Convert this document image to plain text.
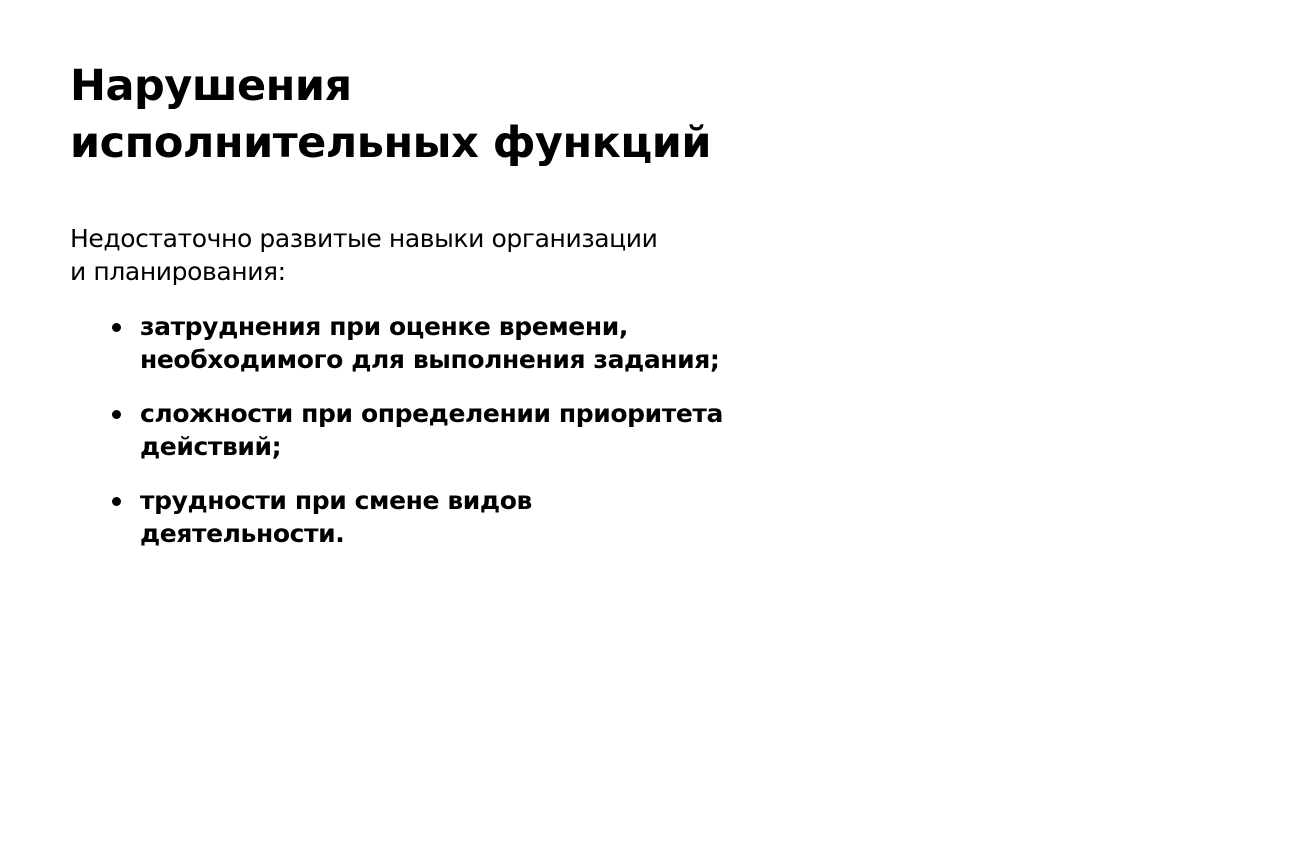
Нарушения
исполнительных функций

Недостаточно развитые навыки организации
и планирования:

затруднения при оценке времени,
необходимого для выполнения задания;
сложности при определении приоритета
действий;
трудности при смене видов
деятельности.
